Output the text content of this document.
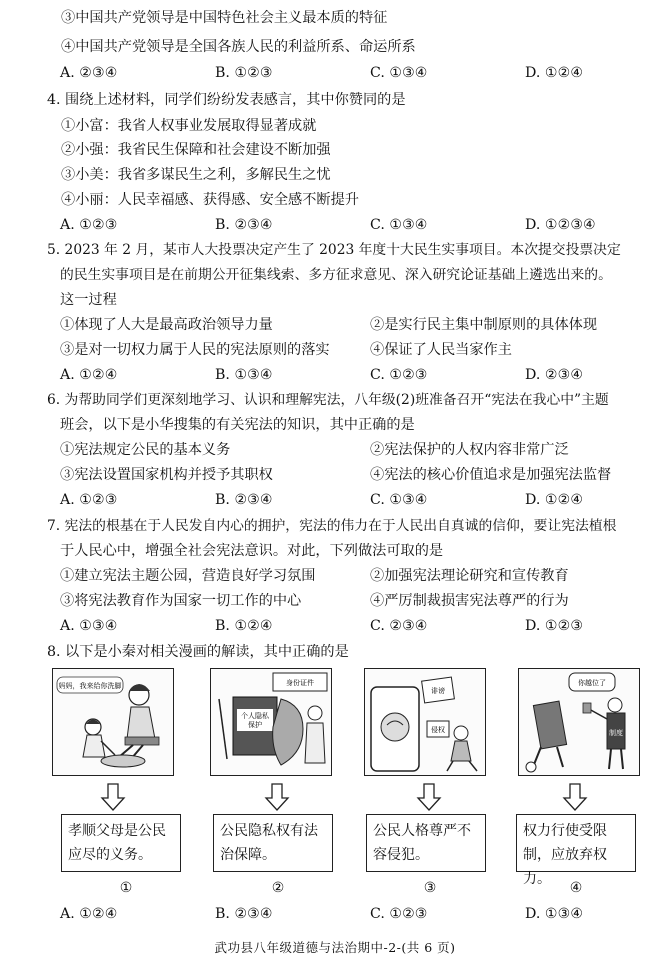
③中国共产党领导是中国特色社会主义最本质的特征
④中国共产党领导是全国各族人民的利益所系、命运所系
A. ②③④	B. ①②③	C. ①③④	D. ①②④
4. 围绕上述材料，同学们纷纷发表感言，其中你赞同的是
①小富：我省人权事业发展取得显著成就
②小强：我省民生保障和社会建设不断加强
③小美：我省多谋民生之利，多解民生之忧
④小丽：人民幸福感、获得感、安全感不断提升
A. ①②③	B. ②③④	C. ①③④	D. ①②③④
5. 2023 年 2 月，某市人大投票决定产生了 2023 年度十大民生实事项目。本次提交投票决定
的民生实事项目是在前期公开征集线索、多方征求意见、深入研究论证基础上遴选出来的。
这一过程
①体现了人大是最高政治领导力量	②是实行民主集中制原则的具体体现
③是对一切权力属于人民的宪法原则的落实	④保证了人民当家作主
A. ①②④	B. ①③④	C. ①②③	D. ②③④
6. 为帮助同学们更深刻地学习、认识和理解宪法，八年级(2)班准备召开“宪法在我心中”主题
班会，以下是小华搜集的有关宪法的知识，其中正确的是
①宪法规定公民的基本义务	②宪法保护的人权内容非常广泛
③宪法设置国家机构并授予其职权	④宪法的核心价值追求是加强宪法监督
A. ①②③	B. ②③④	C. ①③④	D. ①②④
7. 宪法的根基在于人民发自内心的拥护，宪法的伟力在于人民出自真诚的信仰，要让宪法植根
于人民心中，增强全社会宪法意识。对此，下列做法可取的是
①建立宪法主题公园，营造良好学习氛围	②加强宪法理论研究和宣传教育
③将宪法教育作为国家一切工作的中心	④严厉制裁损害宪法尊严的行为
A. ①③④	B. ①②④	C. ②③④	D. ①②③
8. 以下是小秦对相关漫画的解读，其中正确的是
妈妈，我来给你洗脚	身份证件
个人隐私
保护
诽谤
侵权
你越位了
制度
孝顺父母是公民应尽的义务。
公民隐私权有法治保障。
公民人格尊严不容侵犯。
权力行使受限制，应放弃权力。
①	②	③	④
A. ①②④	B. ②③④	C. ①②③	D. ①③④
武功县八年级道德与法治期中-2-(共 6 页)
